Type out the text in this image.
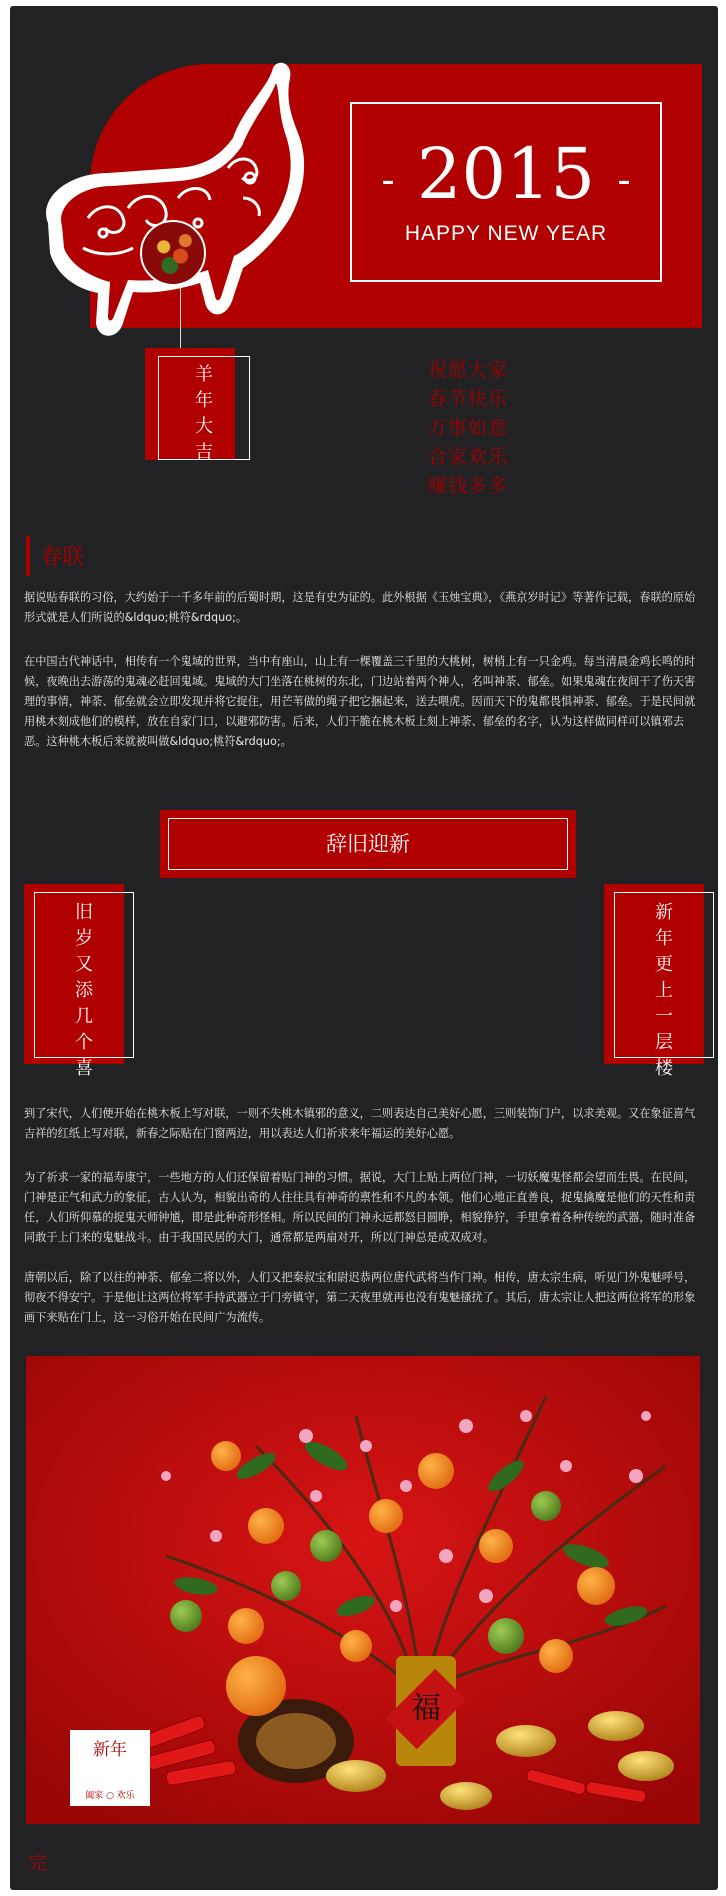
- 2015 -
HAPPY NEW YEAR
羊
年
大
吉
祝愿大家
春节快乐
万事如意
合家欢乐
赚钱多多
春联
据说贴春联的习俗，大约始于一千多年前的后蜀时期，这是有史为证的。此外根据《玉烛宝典》，《燕京岁时记》等著作记载，春联的原始形式就是人们所说的&ldquo;桃符&rdquo;。
在中国古代神话中，相传有一个鬼域的世界，当中有座山，山上有一棵覆盖三千里的大桃树，树梢上有一只金鸡。每当清晨金鸡长鸣的时候，夜晚出去游荡的鬼魂必赶回鬼域。鬼域的大门坐落在桃树的东北，门边站着两个神人，名叫神荼、郁垒。如果鬼魂在夜间干了伤天害理的事情，神荼、郁垒就会立即发现并将它捉住，用芒苇做的绳子把它捆起来，送去喂虎。因而天下的鬼都畏惧神荼、郁垒。于是民间就用桃木刻成他们的模样，放在自家门口，以避邪防害。后来，人们干脆在桃木板上刻上神荼、郁垒的名字，认为这样做同样可以镇邪去恶。这种桃木板后来就被叫做&ldquo;桃符&rdquo;。
辞旧迎新
旧
岁
又
添
几
个
喜
新
年
更
上
一
层
楼
到了宋代，人们便开始在桃木板上写对联，一则不失桃木镇邪的意义，二则表达自己美好心愿，三则装饰门户，以求美观。又在象征喜气吉祥的红纸上写对联，新春之际贴在门窗两边，用以表达人们祈求来年福运的美好心愿。
为了祈求一家的福寿康宁，一些地方的人们还保留着贴门神的习惯。据说，大门上贴上两位门神，一切妖魔鬼怪都会望而生畏。在民间，门神是正气和武力的象征，古人认为，相貌出奇的人往往具有神奇的禀性和不凡的本领。他们心地正直善良，捉鬼擒魔是他们的天性和责任，人们所仰慕的捉鬼天师钟馗，即是此种奇形怪相。所以民间的门神永远都怒目圆睁，相貌狰狞，手里拿着各种传统的武器，随时准备同敢于上门来的鬼魅战斗。由于我国民居的大门，通常都是两扇对开，所以门神总是成双成对。
唐朝以后，除了以往的神荼、郁垒二将以外，人们又把秦叔宝和尉迟恭两位唐代武将当作门神。相传，唐太宗生病，听见门外鬼魅呼号，彻夜不得安宁。于是他让这两位将军手持武器立于门旁镇守，第二天夜里就再也没有鬼魅搔扰了。其后，唐太宗让人把这两位将军的形象画下来贴在门上，这一习俗开始在民间广为流传。
福
新年
阖家 ○ 欢乐
完
